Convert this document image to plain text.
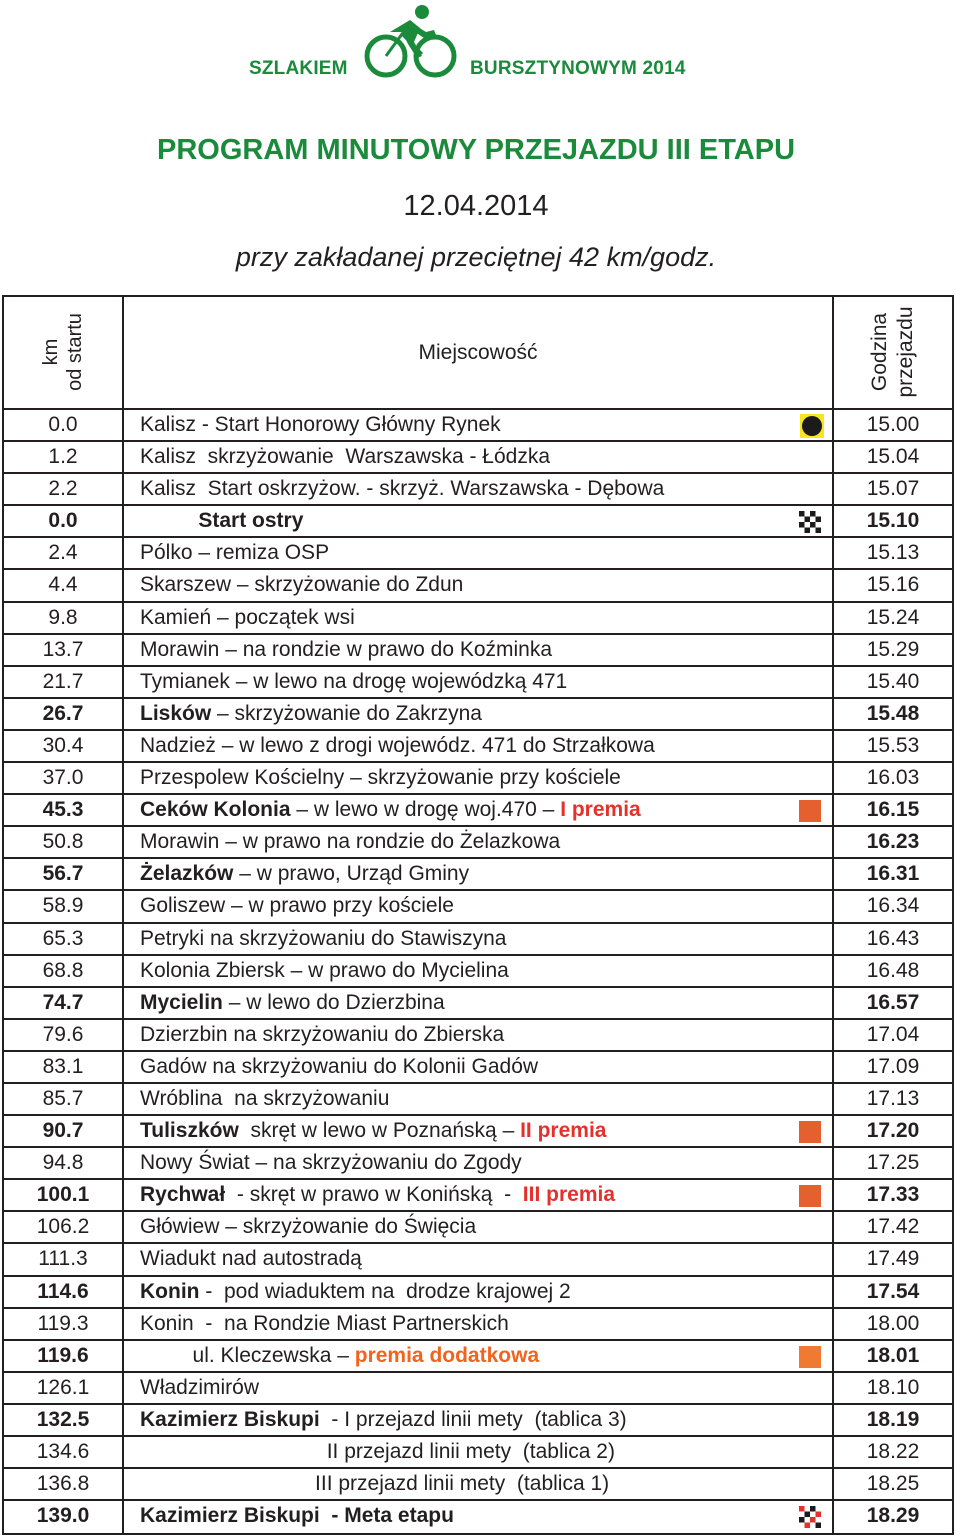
SZLAKIEM	BURSZTYNOWYM 2014
PROGRAM MINUTOWY PRZEJAZDU III ETAPU
12.04.2014
przy zakładanej przeciętnej 42 km/godz.
km od startu	Miejscowość	Godzina przejazdu
0.0	Kalisz - Start Honorowy Główny Rynek	15.00
1.2	Kalisz  skrzyżowanie  Warszawska - Łódzka	15.04
2.2	Kalisz  Start oskrzyżow. - skrzyż. Warszawska - Dębowa	15.07
0.0	Start ostry	15.10
2.4	Pólko – remiza OSP	15.13
4.4	Skarszew – skrzyżowanie do Zdun	15.16
9.8	Kamień – początek wsi	15.24
13.7	Morawin – na rondzie w prawo do Koźminka	15.29
21.7	Tymianek – w lewo na drogę wojewódzką 471	15.40
26.7	Lisków – skrzyżowanie do Zakrzyna	15.48
30.4	Nadzież – w lewo z drogi wojewódz. 471 do Strzałkowa	15.53
37.0	Przespolew Kościelny – skrzyżowanie przy kościele	16.03
45.3	Ceków Kolonia – w lewo w drogę woj.470 – I premia	16.15
50.8	Morawin – w prawo na rondzie do Żelazkowa	16.23
56.7	Żelazków – w prawo, Urząd Gminy	16.31
58.9	Goliszew – w prawo przy kościele	16.34
65.3	Petryki na skrzyżowaniu do Stawiszyna	16.43
68.8	Kolonia Zbiersk – w prawo do Mycielina	16.48
74.7	Mycielin – w lewo do Dzierzbina	16.57
79.6	Dzierzbin na skrzyżowaniu do Zbierska	17.04
83.1	Gadów na skrzyżowaniu do Kolonii Gadów	17.09
85.7	Wróblina  na skrzyżowaniu	17.13
90.7	Tuliszków  skręt w lewo w Poznańską – II premia	17.20
94.8	Nowy Świat – na skrzyżowaniu do Zgody	17.25
100.1	Rychwał  - skręt w prawo w Konińską  -  III premia	17.33
106.2	Główiew – skrzyżowanie do Święcia	17.42
111.3	Wiadukt nad autostradą	17.49
114.6	Konin -  pod wiaduktem na  drodze krajowej 2	17.54
119.3	Konin  -  na Rondzie Miast Partnerskich	18.00
119.6	ul. Kleczewska – premia dodatkowa	18.01
126.1	Władzimirów	18.10
132.5	Kazimierz Biskupi  - I przejazd linii mety  (tablica 3)	18.19
134.6	II przejazd linii mety  (tablica 2)	18.22
136.8	III przejazd linii mety  (tablica 1)	18.25
139.0	Kazimierz Biskupi  - Meta etapu	18.29
